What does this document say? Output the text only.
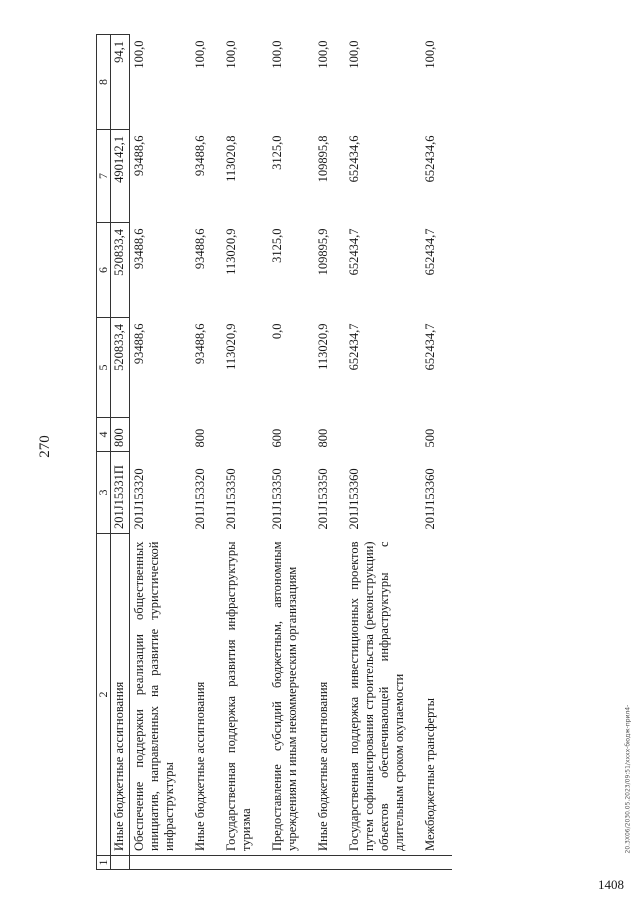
270
20.3X06/2030.05.2023/09:51/xxxx-бюдж-прил4-
1408
1	2	3	4	5	6	7	8
	Иные бюджетные ассигнования	201J15331П	800	520833,4	520833,4	490142,1	94,1
	Обеспечение поддержки реализации общественных инициатив, направленных на развитие туристической инфраструктуры	201J153320		93488,6	93488,6	93488,6	100,0
	Иные бюджетные ассигнования	201J153320	800	93488,6	93488,6	93488,6	100,0
	Государственная поддержка развития инфраструктуры туризма	201J153350		113020,9	113020,9	113020,8	100,0
	Предоставление субсидий бюджетным, автономным учреждениям и иным некоммерческим организациям	201J153350	600	0,0	3125,0	3125,0	100,0
	Иные бюджетные ассигнования	201J153350	800	113020,9	109895,9	109895,8	100,0
	Государственная поддержка инвестиционных проектов путем софинансирования строительства (реконструкции) объектов обеспечивающей инфраструктуры с длительным сроком окупаемости	201J153360		652434,7	652434,7	652434,6	100,0
	Межбюджетные трансферты	201J153360	500	652434,7	652434,7	652434,6	100,0
